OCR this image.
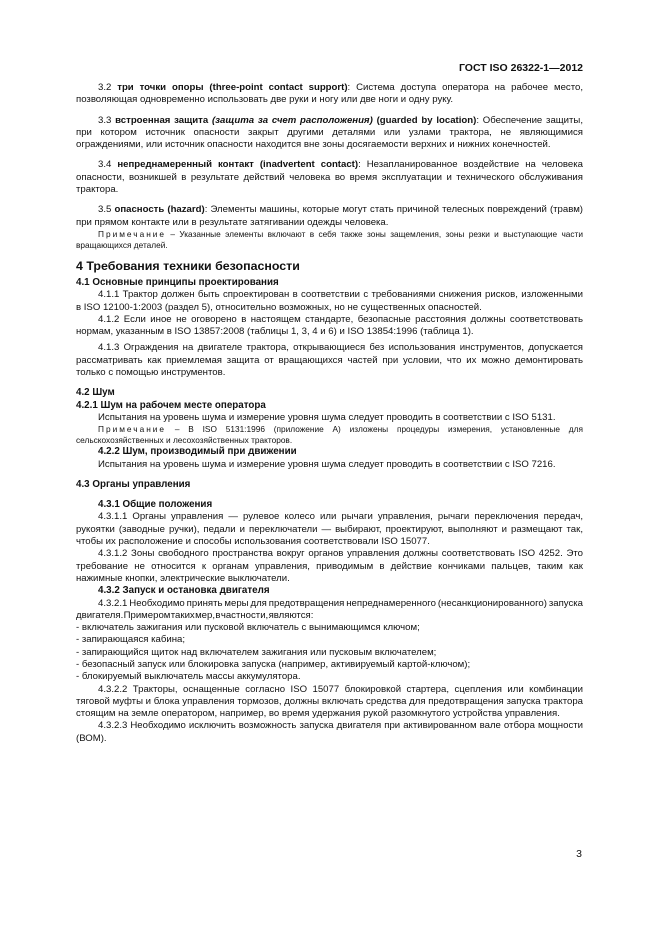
ГОСТ ISO 26322-1—2012

3.2 три точки опоры (three-point contact support): Система доступа оператора на рабочее место, позволяющая одновременно использовать две руки и ногу или две ноги и одну руку.

3.3 встроенная защита (защита за счет расположения) (guarded by location): Обеспечение защиты, при котором источник опасности закрыт другими деталями или узлами трактора, не являющимися ограждениями, или источник опасности находится вне зоны досягаемости верхних и нижних конечностей.

3.4 непреднамеренный контакт (inadvertent contact): Незапланированное воздействие на человека опасности, возникшей в результате действий человека во время эксплуатации и технического обслуживания трактора.

3.5 опасность (hazard): Элементы машины, которые могут стать причиной телесных повреждений (травм) при прямом контакте или в результате затягивании одежды человека.

Примечание – Указанные элементы включают в себя также зоны защемления, зоны резки и выступающие части вращающихся деталей.

4 Требования техники безопасности
4.1 Основные принципы проектирования

4.1.1 Трактор должен быть спроектирован в соответствии с требованиями снижения рисков, изложенными в ISO 12100-1:2003 (раздел 5), относительно возможных, но не существенных опасностей.

4.1.2 Если иное не оговорено в настоящем стандарте, безопасные расстояния должны соответствовать нормам, указанным в ISO 13857:2008 (таблицы 1, 3, 4 и 6) и ISO 13854:1996 (таблица 1).

4.1.3 Ограждения на двигателе трактора, открывающиеся без использования инструментов, допускается рассматривать как приемлемая защита от вращающихся частей при условии, что их можно демонтировать только с помощью инструментов.

4.2 Шум
4.2.1 Шум на рабочем месте оператора

Испытания на уровень шума и измерение уровня шума следует проводить в соответствии с ISO 5131.

Примечание – В ISO 5131:1996 (приложение А) изложены процедуры измерения, установленные для сельскохозяйственных и лесохозяйственных тракторов.

4.2.2 Шум, производимый при движении

Испытания на уровень шума и измерение уровня шума следует проводить в соответствии с ISO 7216.

4.3 Органы управления
4.3.1 Общие положения

4.3.1.1 Органы управления — рулевое колесо или рычаги управления, рычаги переключения передач, рукоятки (заводные ручки), педали и переключатели — выбирают, проектируют, выполняют и размещают так, чтобы их расположение и способы использования соответствовали ISO 15077.

4.3.1.2 Зоны свободного пространства вокруг органов управления должны соответствовать ISO 4252. Это требование не относится к органам управления, приводимым в действие кончиками пальцев, таким как нажимные кнопки, электрические выключатели.

4.3.2 Запуск и остановка двигателя

4.3.2.1 Необходимо принять меры для предотвращения непреднамеренного (несанкционированного) запуска двигателя. Примером таких мер, в частности, являются:

- включатель зажигания или пусковой включатель с вынимающимся ключом;

- запирающаяся кабина;

- запирающийся щиток над включателем зажигания или пусковым включателем;

- безопасный запуск или блокировка запуска (например, активируемый картой-ключом);

- блокируемый выключатель массы аккумулятора.

4.3.2.2 Тракторы, оснащенные согласно ISO 15077 блокировкой стартера, сцепления или комбинации тяговой муфты и блока управления тормозов, должны включать средства для предотвращения запуска трактора стоящим на земле оператором, например, во время удержания рукой разомкнутого устройства управления.

4.3.2.3 Необходимо исключить возможность запуска двигателя при активированном вале отбора мощности (ВОМ).

3
